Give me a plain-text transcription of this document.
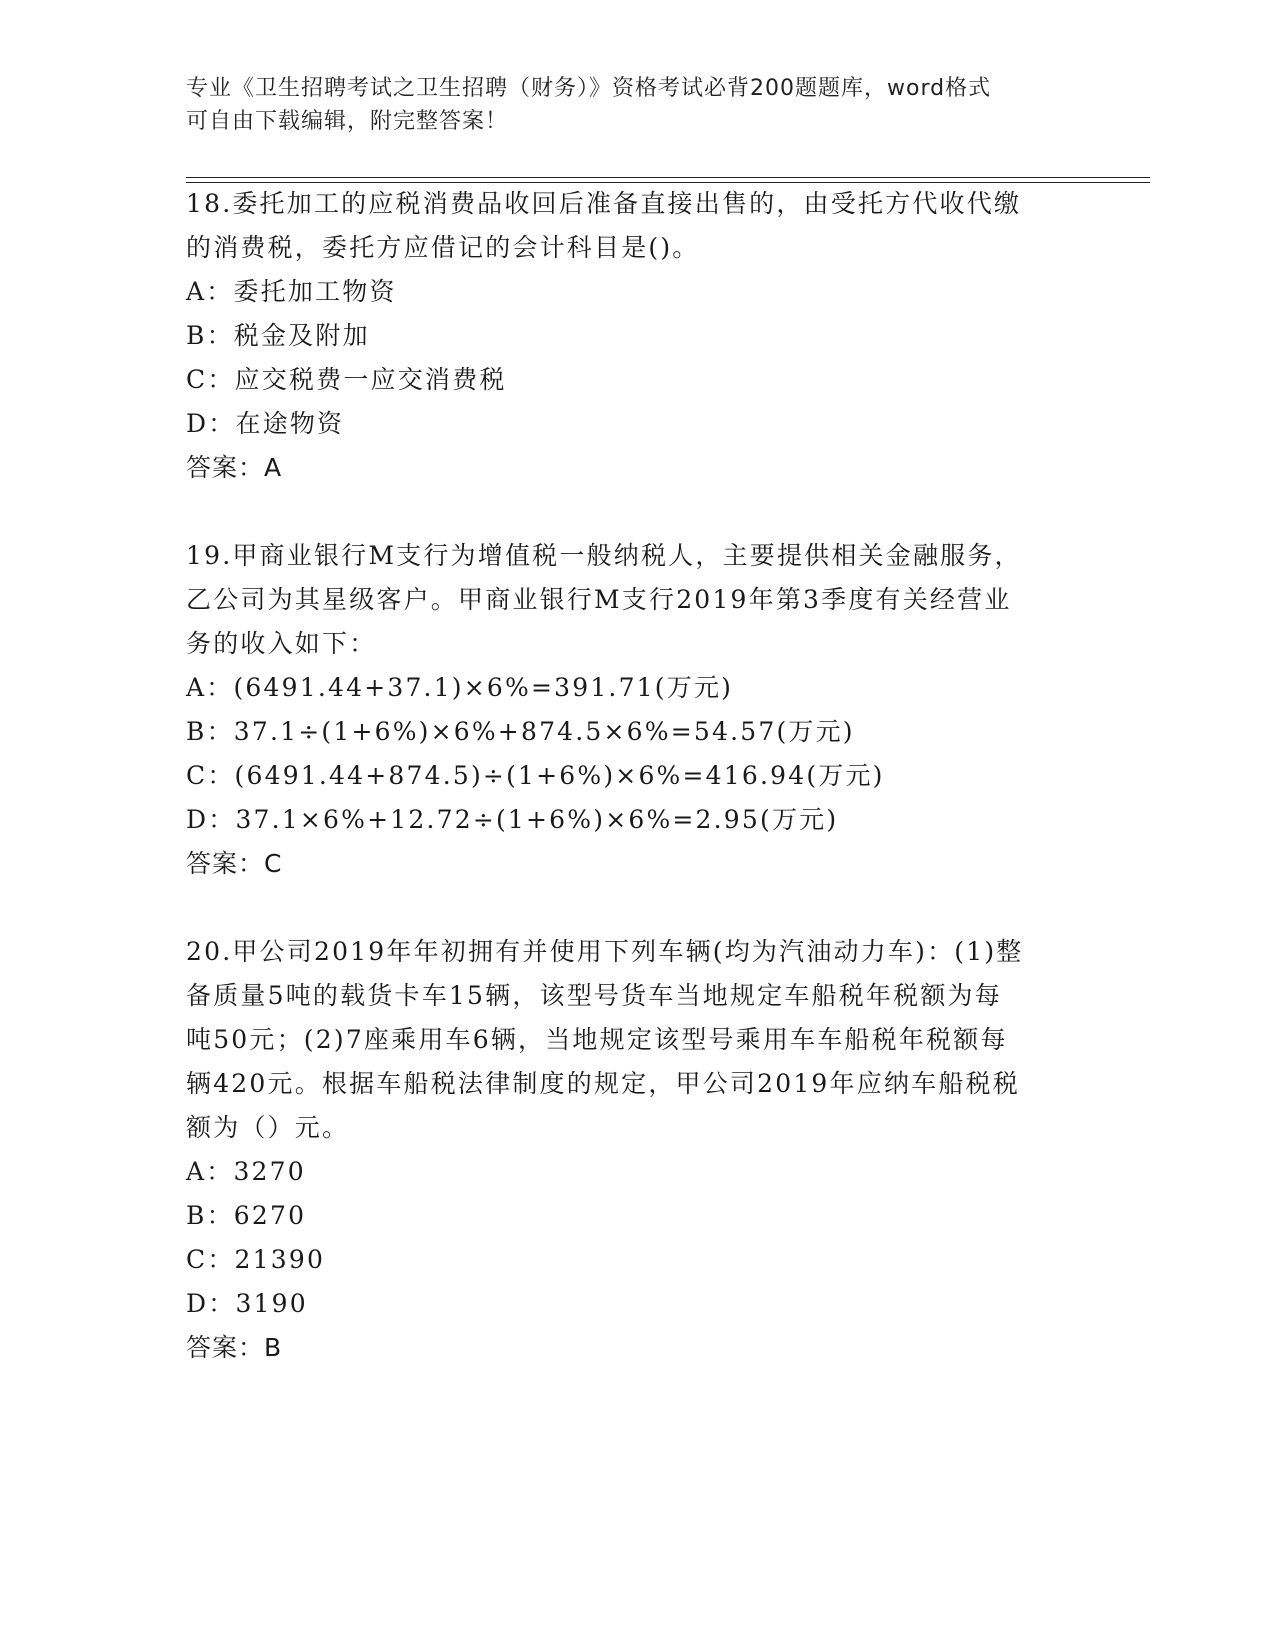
专业《卫生招聘考试之卫生招聘（财务）》资格考试必背200题题库，word格式
可自由下载编辑，附完整答案！
18.委托加工的应税消费品收回后准备直接出售的，由受托方代收代缴
的消费税，委托方应借记的会计科目是()。
A：委托加工物资
B：税金及附加
C：应交税费一应交消费税
D：在途物资
答案：A
19.甲商业银行M支行为增值税一般纳税人，主要提供相关金融服务，
乙公司为其星级客户。甲商业银行M支行2019年第3季度有关经营业
务的收入如下：
A：(6491.44+37.1)×6%=391.71(万元)
B：37.1÷(1+6%)×6%+874.5×6%=54.57(万元)
C：(6491.44+874.5)÷(1+6%)×6%=416.94(万元)
D：37.1×6%+12.72÷(1+6%)×6%=2.95(万元)
答案：C
20.甲公司2019年年初拥有并使用下列车辆(均为汽油动力车)：(1)整
备质量5吨的载货卡车15辆，该型号货车当地规定车船税年税额为每
吨50元；(2)7座乘用车6辆，当地规定该型号乘用车车船税年税额每
辆420元。根据车船税法律制度的规定，甲公司2019年应纳车船税税
额为（）元。
A：3270
B：6270
C：21390
D：3190
答案：B
